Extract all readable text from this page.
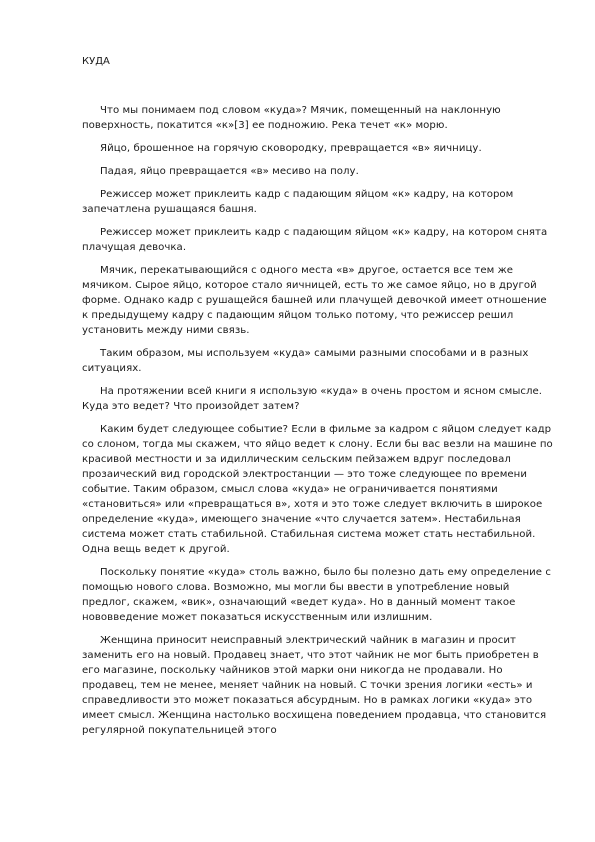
КУДА

Что мы понимаем под словом «куда»? Мячик, помещенный на наклонную поверхность, покатится «к»[3] ее подножию. Река течет «к» морю.

Яйцо, брошенное на горячую сковородку, превращается «в» яичницу.

Падая, яйцо превращается «в» месиво на полу.

Режиссер может приклеить кадр с падающим яйцом «к» кадру, на котором запечатлена рушащаяся башня.

Режиссер может приклеить кадр с падающим яйцом «к» кадру, на котором снята плачущая девочка.

Мячик, перекатывающийся с одного места «в» другое, остается все тем же мячиком. Сырое яйцо, которое стало яичницей, есть то же самое яйцо, но в другой форме. Однако кадр с рушащейся башней или плачущей девочкой имеет отношение к предыдущему кадру с падающим яйцом только потому, что режиссер решил установить между ними связь.

Таким образом, мы используем «куда» самыми разными способами и в разных ситуациях.

На протяжении всей книги я использую «куда» в очень простом и ясном смысле. Куда это ведет? Что произойдет затем?

Каким будет следующее событие? Если в фильме за кадром с яйцом следует кадр со слоном, тогда мы скажем, что яйцо ведет к слону. Если бы вас везли на машине по красивой местности и за идиллическим сельским пейзажем вдруг последовал прозаический вид городской электростанции — это тоже следующее по времени событие. Таким образом, смысл слова «куда» не ограничивается понятиями «становиться» или «превращаться в», хотя и это тоже следует включить в широкое определение «куда», имеющего значение «что случается затем». Нестабильная система может стать стабильной. Стабильная система может стать нестабильной. Одна вещь ведет к другой.

Поскольку понятие «куда» столь важно, было бы полезно дать ему определение с помощью нового слова. Возможно, мы могли бы ввести в употребление новый предлог, скажем, «вик», означающий «ведет куда». Но в данный момент такое нововведение может показаться искусственным или излишним.

Женщина приносит неисправный электрический чайник в магазин и просит заменить его на новый. Продавец знает, что этот чайник не мог быть приобретен в его магазине, поскольку чайников этой марки они никогда не продавали. Но продавец, тем не менее, меняет чайник на новый. С точки зрения логики «есть» и справедливости это может показаться абсурдным. Но в рамках логики «куда» это имеет смысл. Женщина настолько восхищена поведением продавца, что становится регулярной покупательницей этого
